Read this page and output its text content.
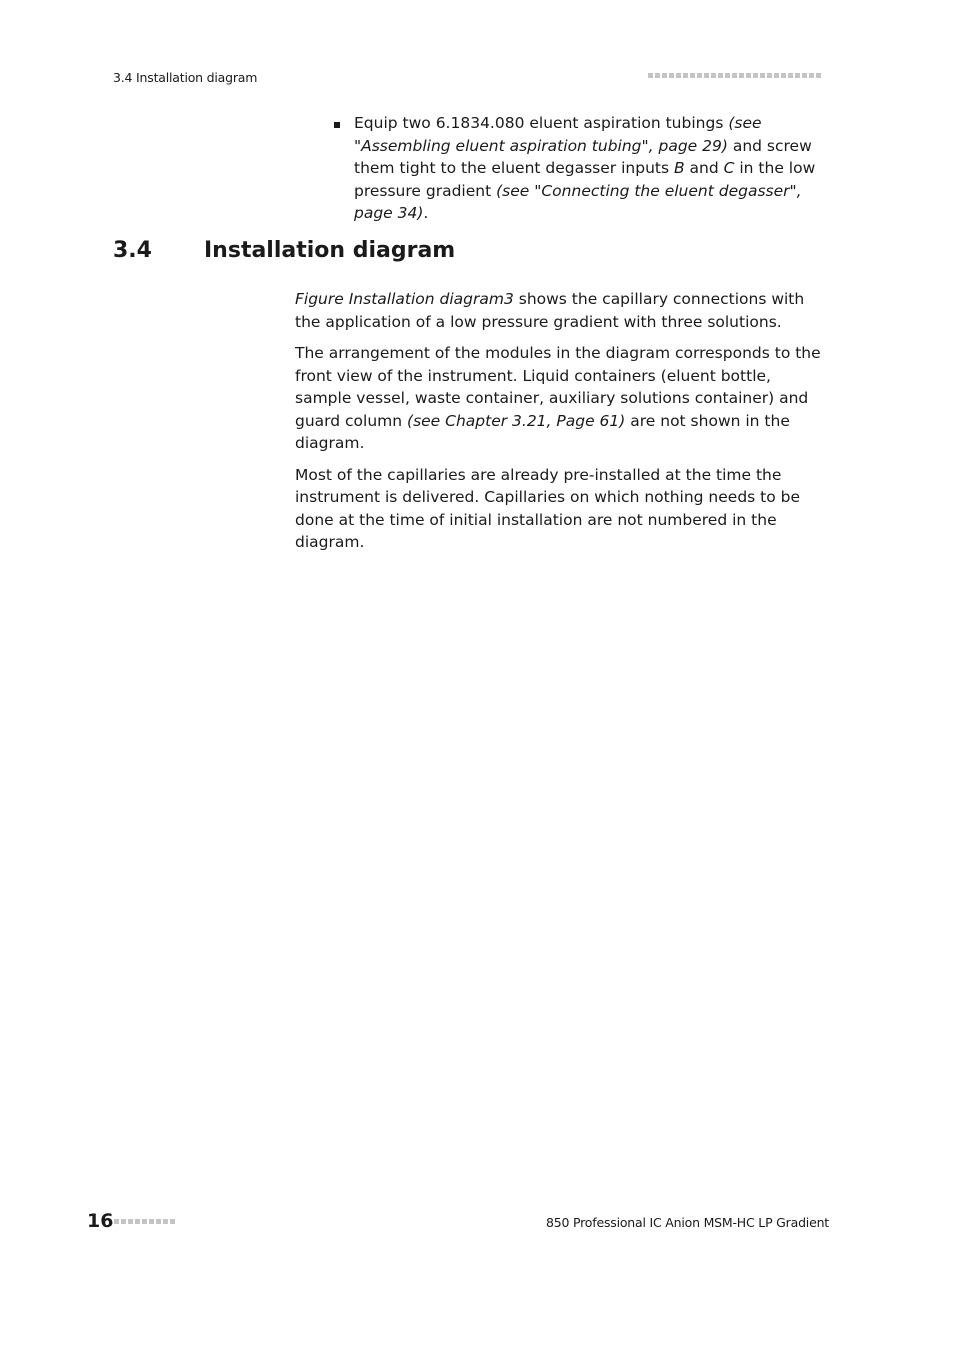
3.4 Installation diagram
Equip two 6.1834.080 eluent aspiration tubings (see "Assembling eluent aspiration tubing", page 29) and screw them tight to the eluent degasser inputs B and C in the low pressure gradient (see "Connecting the eluent degasser", page 34).
3.4 Installation diagram

Figure Installation diagram3 shows the capillary connections with the application of a low pressure gradient with three solutions.

The arrangement of the modules in the diagram corresponds to the front view of the instrument. Liquid containers (eluent bottle, sample vessel, waste container, auxiliary solutions container) and guard column (see Chapter 3.21, Page 61) are not shown in the diagram.

Most of the capillaries are already pre-installed at the time the instrument is delivered. Capillaries on which nothing needs to be done at the time of initial installation are not numbered in the diagram.

16	850 Professional IC Anion MSM-HC LP Gradient
